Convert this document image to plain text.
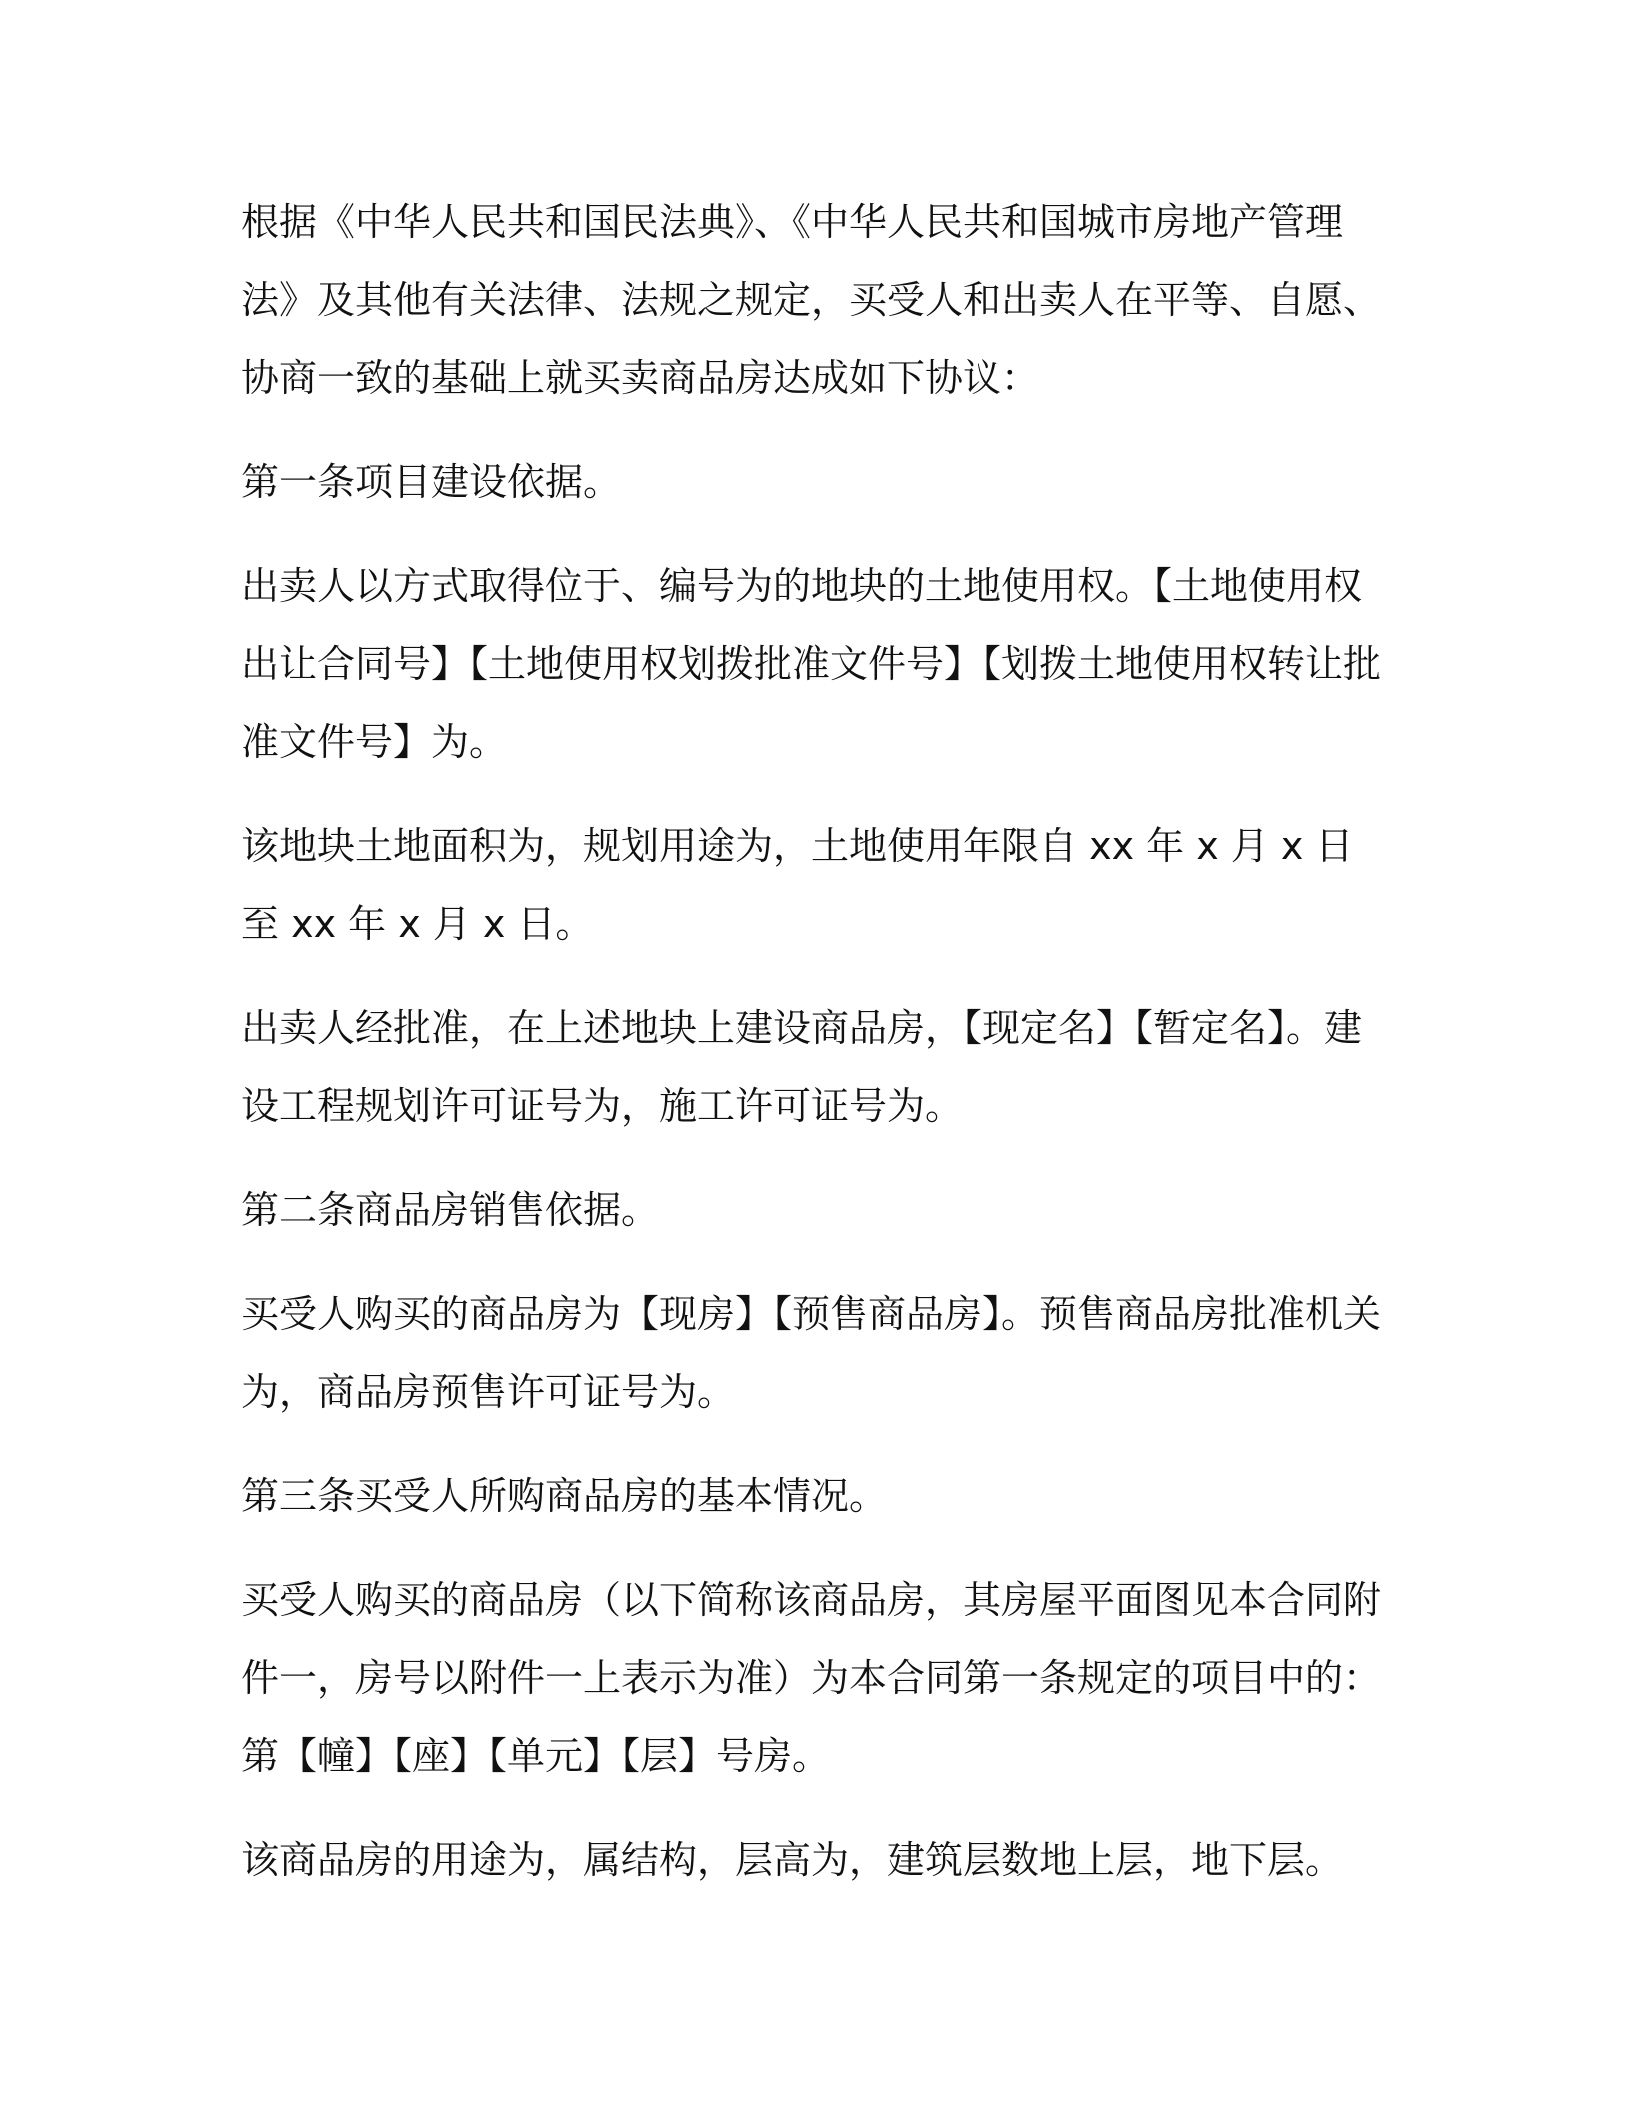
根据《中华人民共和国民法典》、《中华人民共和国城市房地产管理法》及其他有关法律、法规之规定，买受人和出卖人在平等、自愿、协商一致的基础上就买卖商品房达成如下协议：

第一条项目建设依据。

出卖人以方式取得位于、编号为的地块的土地使用权。【土地使用权出让合同号】【土地使用权划拨批准文件号】【划拨土地使用权转让批准文件号】为。

该地块土地面积为，规划用途为，土地使用年限自 xx 年 x 月 x 日至 xx 年 x 月 x 日。

出卖人经批准，在上述地块上建设商品房，【现定名】【暂定名】。建设工程规划许可证号为，施工许可证号为。

第二条商品房销售依据。

买受人购买的商品房为【现房】【预售商品房】。预售商品房批准机关为，商品房预售许可证号为。

第三条买受人所购商品房的基本情况。

买受人购买的商品房（以下简称该商品房，其房屋平面图见本合同附件一，房号以附件一上表示为准）为本合同第一条规定的项目中的：第【幢】【座】【单元】【层】号房。

该商品房的用途为，属结构，层高为，建筑层数地上层，地下层。
